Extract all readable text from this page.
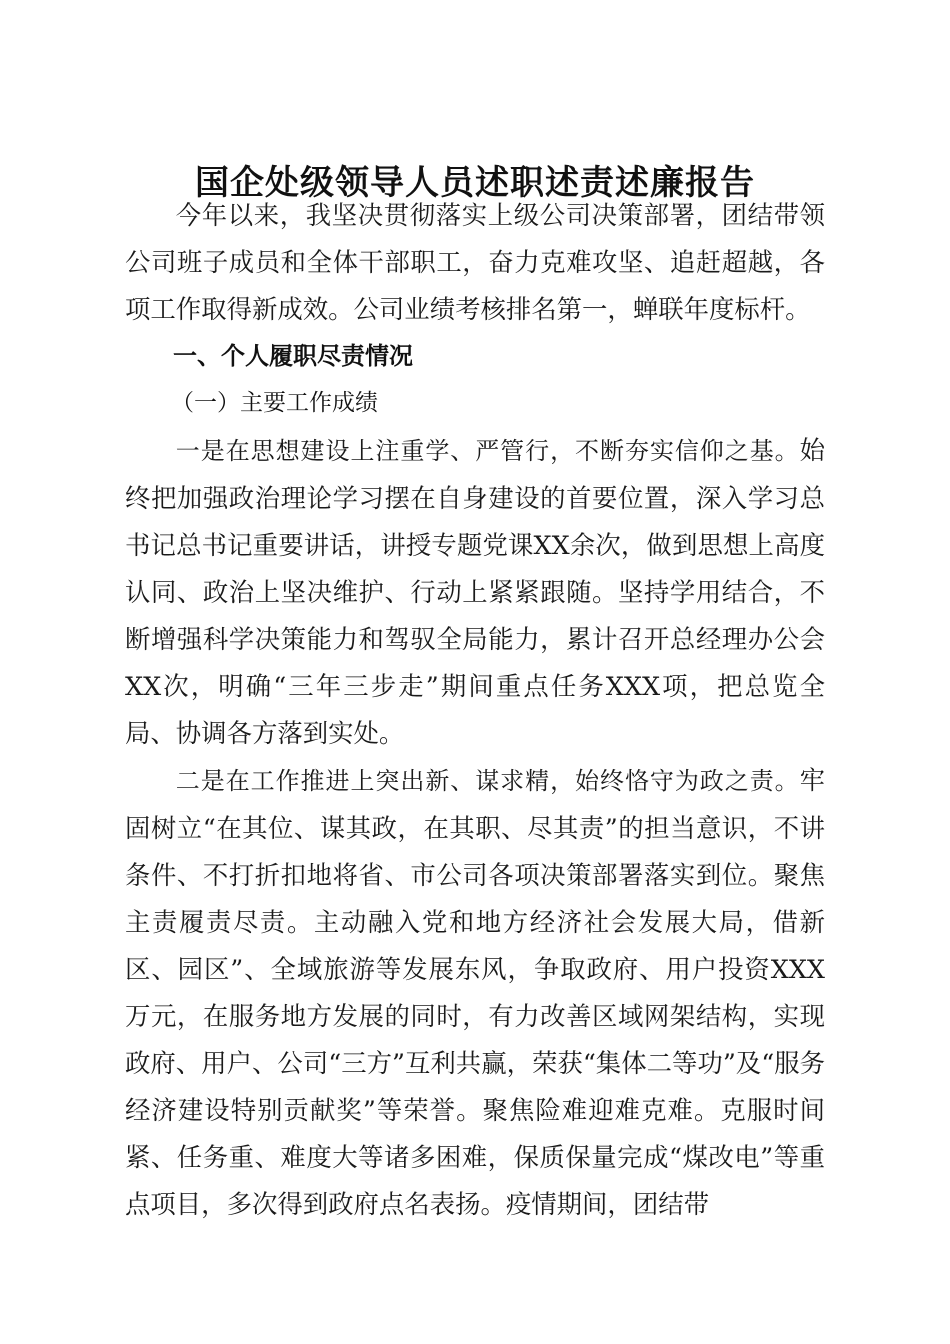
国企处级领导人员述职述责述廉报告

今年以来，我坚决贯彻落实上级公司决策部署，团结带领公司班子成员和全体干部职工，奋力克难攻坚、追赶超越，各项工作取得新成效。公司业绩考核排名第一，蝉联年度标杆。

一、个人履职尽责情况

（一）主要工作成绩

一是在思想建设上注重学、严管行，不断夯实信仰之基。始终把加强政治理论学习摆在自身建设的首要位置，深入学习总书记总书记重要讲话，讲授专题党课XX余次，做到思想上高度认同、政治上坚决维护、行动上紧紧跟随。坚持学用结合，不断增强科学决策能力和驾驭全局能力，累计召开总经理办公会XX次，明确“三年三步走”期间重点任务XXX项，把总览全局、协调各方落到实处。

二是在工作推进上突出新、谋求精，始终恪守为政之责。牢固树立“在其位、谋其政，在其职、尽其责”的担当意识，不讲条件、不打折扣地将省、市公司各项决策部署落实到位。聚焦主责履责尽责。主动融入党和地方经济社会发展大局，借新区、园区”、全域旅游等发展东风，争取政府、用户投资XXX万元，在服务地方发展的同时，有力改善区域网架结构，实现政府、用户、公司“三方”互利共赢，荣获“集体二等功”及“服务经济建设特别贡献奖”等荣誉。聚焦险难迎难克难。克服时间紧、任务重、难度大等诸多困难，保质保量完成“煤改电”等重点项目，多次得到政府点名表扬。疫情期间，团结带
